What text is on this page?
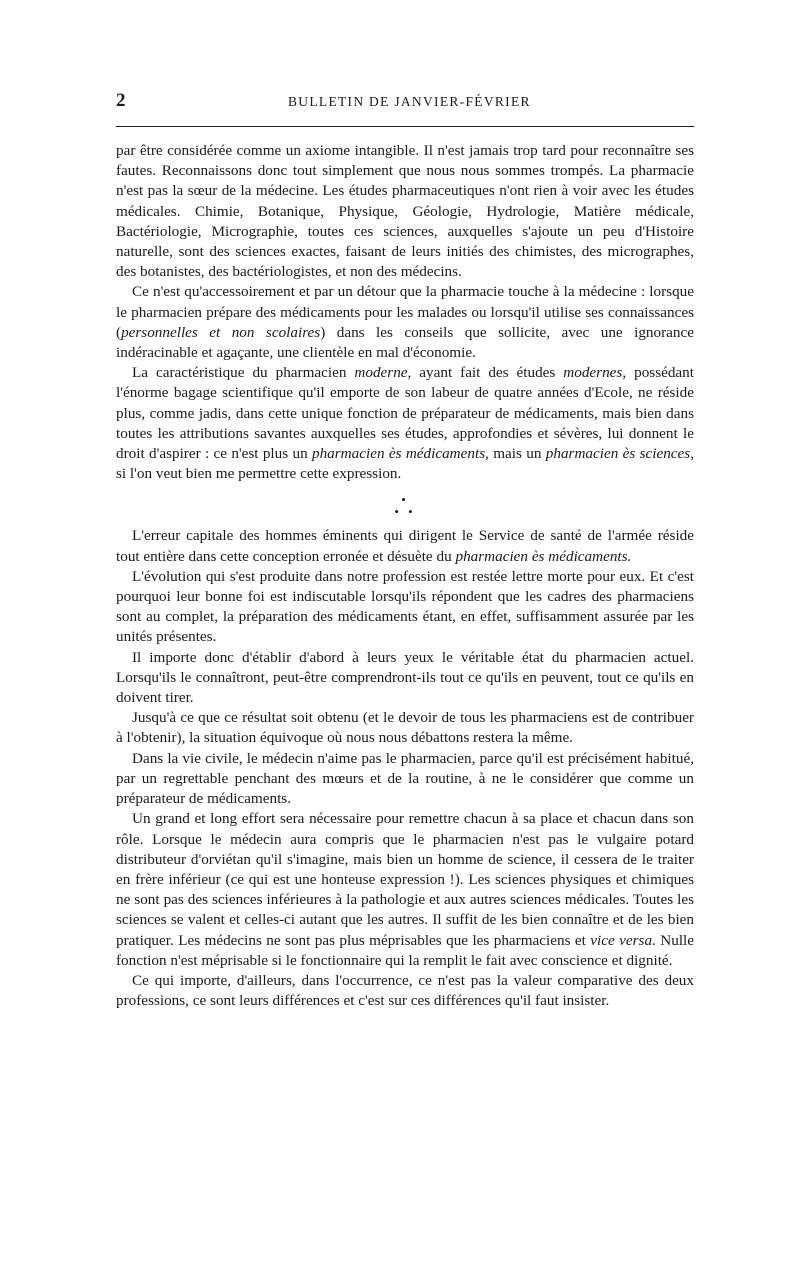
2	BULLETIN DE JANVIER-FÉVRIER

par être considérée comme un axiome intangible. Il n'est jamais trop tard pour reconnaître ses fautes. Reconnaissons donc tout simplement que nous nous sommes trompés. La pharmacie n'est pas la sœur de la médecine. Les études pharmaceutiques n'ont rien à voir avec les études médicales. Chimie, Botanique, Physique, Géologie, Hydrologie, Matière médicale, Bactériologie, Micrographie, toutes ces sciences, auxquelles s'ajoute un peu d'Histoire naturelle, sont des sciences exactes, faisant de leurs initiés des chimistes, des micrographes, des botanistes, des bactériologistes, et non des médecins.

Ce n'est qu'accessoirement et par un détour que la pharmacie touche à la médecine : lorsque le pharmacien prépare des médicaments pour les malades ou lorsqu'il utilise ses connaissances (personnelles et non scolaires) dans les conseils que sollicite, avec une ignorance indéracinable et agaçante, une clientèle en mal d'économie.

La caractéristique du pharmacien moderne, ayant fait des études modernes, possédant l'énorme bagage scientifique qu'il emporte de son labeur de quatre années d'Ecole, ne réside plus, comme jadis, dans cette unique fonction de préparateur de médicaments, mais bien dans toutes les attributions savantes auxquelles ses études, approfondies et sévères, lui donnent le droit d'aspirer : ce n'est plus un pharmacien ès médicaments, mais un pharmacien ès sciences, si l'on veut bien me permettre cette expression.

•
• •

L'erreur capitale des hommes éminents qui dirigent le Service de santé de l'armée réside tout entière dans cette conception erronée et désuète du pharmacien ès médicaments.

L'évolution qui s'est produite dans notre profession est restée lettre morte pour eux. Et c'est pourquoi leur bonne foi est indiscutable lorsqu'ils répondent que les cadres des pharmaciens sont au complet, la préparation des médicaments étant, en effet, suffisamment assurée par les unités présentes.

Il importe donc d'établir d'abord à leurs yeux le véritable état du pharmacien actuel. Lorsqu'ils le connaîtront, peut-être comprendront-ils tout ce qu'ils en peuvent, tout ce qu'ils en doivent tirer.

Jusqu'à ce que ce résultat soit obtenu (et le devoir de tous les pharmaciens est de contribuer à l'obtenir), la situation équivoque où nous nous débattons restera la même.

Dans la vie civile, le médecin n'aime pas le pharmacien, parce qu'il est précisément habitué, par un regrettable penchant des mœurs et de la routine, à ne le considérer que comme un préparateur de médicaments.

Un grand et long effort sera nécessaire pour remettre chacun à sa place et chacun dans son rôle. Lorsque le médecin aura compris que le pharmacien n'est pas le vulgaire potard distributeur d'orviétan qu'il s'imagine, mais bien un homme de science, il cessera de le traiter en frère inférieur (ce qui est une honteuse expression !). Les sciences physiques et chimiques ne sont pas des sciences inférieures à la pathologie et aux autres sciences médicales. Toutes les sciences se valent et celles-ci autant que les autres. Il suffit de les bien connaître et de les bien pratiquer. Les médecins ne sont pas plus méprisables que les pharmaciens et vice versa. Nulle fonction n'est méprisable si le fonctionnaire qui la remplit le fait avec conscience et dignité.

Ce qui importe, d'ailleurs, dans l'occurrence, ce n'est pas la valeur comparative des deux professions, ce sont leurs différences et c'est sur ces différences qu'il faut insister.
